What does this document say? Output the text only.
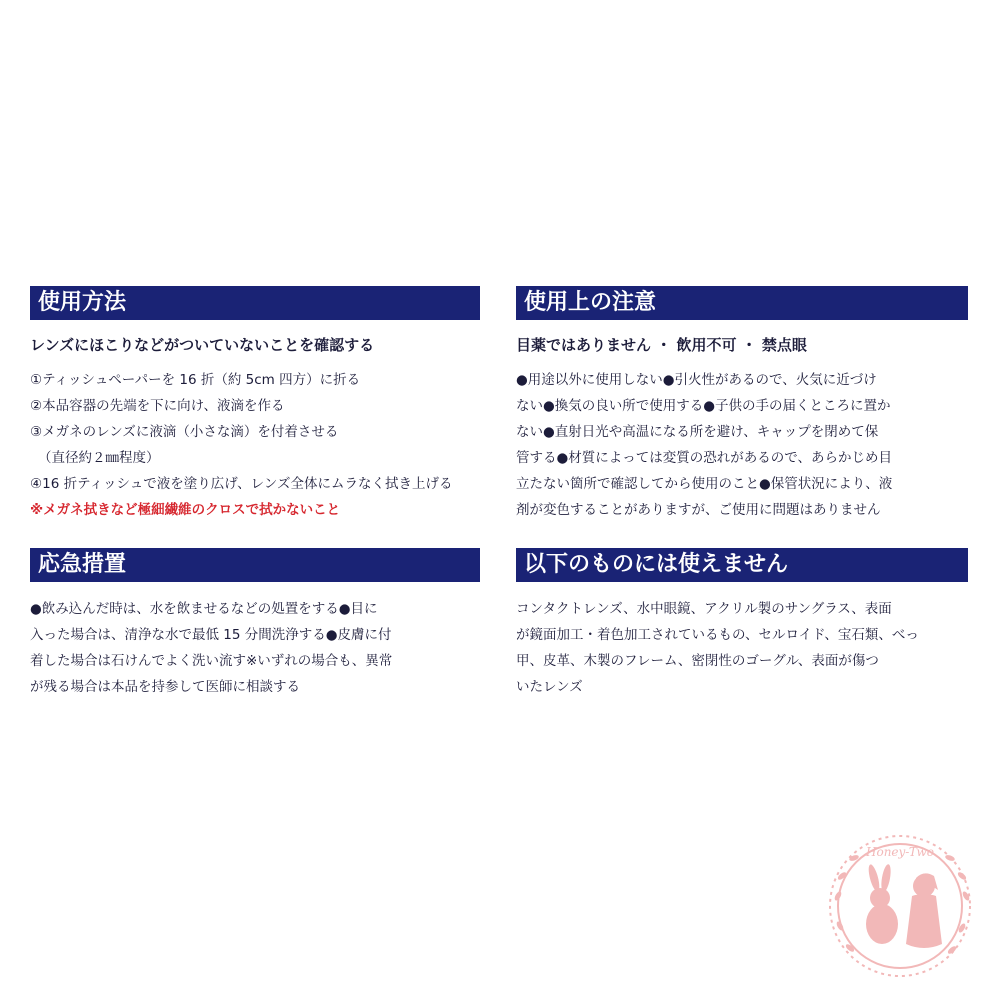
使用方法
レンズにほこりなどがついていないことを確認する
①ティッシュペーパーを 16 折（約 5cm 四方）に折る
②本品容器の先端を下に向け、液滴を作る
③メガネのレンズに液滴（小さな滴）を付着させる
（直径約２㎜程度）
④16 折ティッシュで液を塗り広げ、レンズ全体にムラなく拭き上げる
※メガネ拭きなど極細繊維のクロスで拭かないこと
使用上の注意
目薬ではありません ・ 飲用不可 ・ 禁点眼
●用途以外に使用しない●引火性があるので、火気に近づけ
ない●換気の良い所で使用する●子供の手の届くところに置か
ない●直射日光や高温になる所を避け、キャップを閉めて保
管する●材質によっては変質の恐れがあるので、あらかじめ目
立たない箇所で確認してから使用のこと●保管状況により、液
剤が変色することがありますが、ご使用に問題はありません
応急措置
●飲み込んだ時は、水を飲ませるなどの処置をする●目に
入った場合は、清浄な水で最低 15 分間洗浄する●皮膚に付
着した場合は石けんでよく洗い流す※いずれの場合も、異常
が残る場合は本品を持参して医師に相談する
以下のものには使えません
コンタクトレンズ、水中眼鏡、アクリル製のサングラス、表面
が鏡面加工・着色加工されているもの、セルロイド、宝石類、べっ
甲、皮革、木製のフレーム、密閉性のゴーグル、表面が傷つ
いたレンズ
Honey-Two
